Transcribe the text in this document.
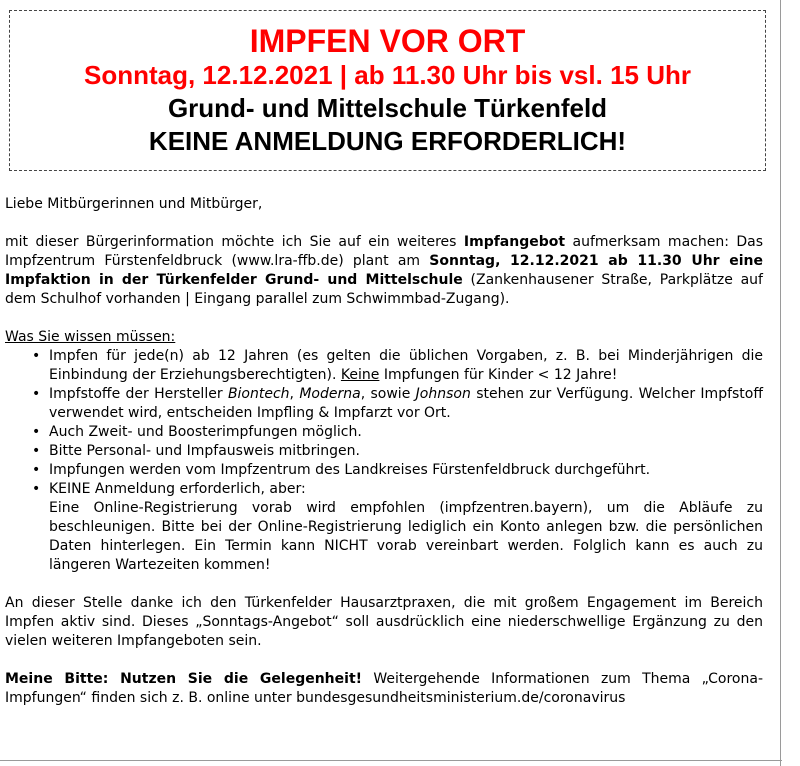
IMPFEN VOR ORT
Sonntag, 12.12.2021 | ab 11.30 Uhr bis vsl. 15 Uhr
Grund- und Mittelschule Türkenfeld
KEINE ANMELDUNG ERFORDERLICH!

Liebe Mitbürgerinnen und Mitbürger,

mit dieser Bürgerinformation möchte ich Sie auf ein weiteres Impfangebot aufmerksam machen: Das Impfzentrum Fürstenfeldbruck (www.lra-ffb.de) plant am Sonntag, 12.12.2021 ab 11.30 Uhr eine Impfaktion in der Türkenfelder Grund- und Mittelschule (Zankenhausener Straße, Parkplätze auf dem Schulhof vorhanden | Eingang parallel zum Schwimmbad-Zugang).

Was Sie wissen müssen:

• Impfen für jede(n) ab 12 Jahren (es gelten die üblichen Vorgaben, z. B. bei Minderjährigen die Einbindung der Erziehungsberechtigten). Keine Impfungen für Kinder < 12 Jahre!
• Impfstoffe der Hersteller Biontech, Moderna, sowie Johnson stehen zur Verfügung. Welcher Impfstoff verwendet wird, entscheiden Impfling & Impfarzt vor Ort.
• Auch Zweit- und Boosterimpfungen möglich.
• Bitte Personal- und Impfausweis mitbringen.
• Impfungen werden vom Impfzentrum des Landkreises Fürstenfeldbruck durchgeführt.
• KEINE Anmeldung erforderlich, aber:
Eine Online-Registrierung vorab wird empfohlen (impfzentren.bayern), um die Abläufe zu beschleunigen. Bitte bei der Online-Registrierung lediglich ein Konto anlegen bzw. die persönlichen Daten hinterlegen. Ein Termin kann NICHT vorab vereinbart werden. Folglich kann es auch zu längeren Wartezeiten kommen!

An dieser Stelle danke ich den Türkenfelder Hausarztpraxen, die mit großem Engagement im Bereich Impfen aktiv sind. Dieses „Sonntags-Angebot“ soll ausdrücklich eine niederschwellige Ergänzung zu den vielen weiteren Impfangeboten sein.

Meine Bitte: Nutzen Sie die Gelegenheit! Weitergehende Informationen zum Thema „Corona-Impfungen“ finden sich z. B. online unter bundesgesundheitsministerium.de/coronavirus
